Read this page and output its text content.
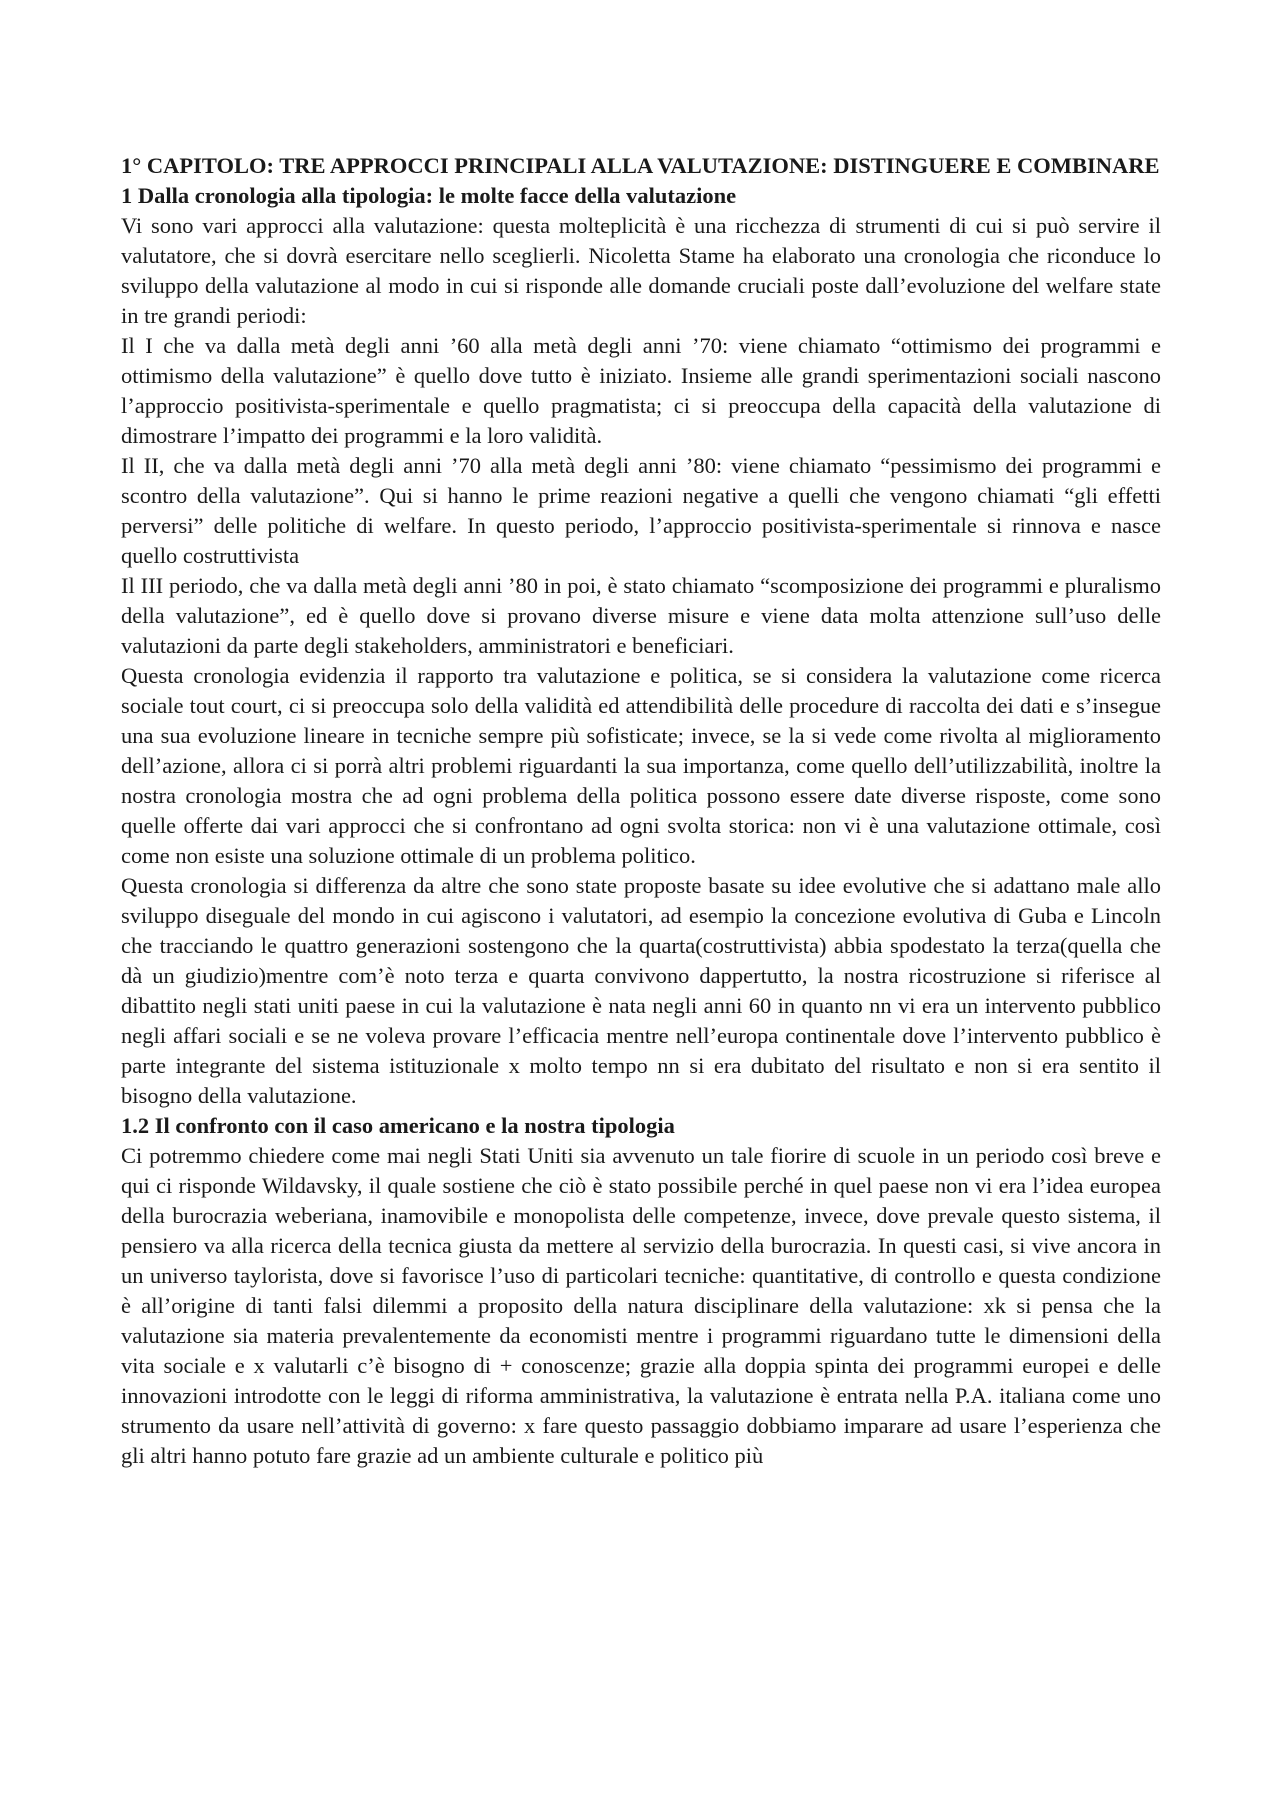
1° CAPITOLO: TRE APPROCCI PRINCIPALI ALLA VALUTAZIONE: DISTINGUERE E COMBINARE
1 Dalla cronologia alla tipologia: le molte facce della valutazione

Vi sono vari approcci alla valutazione: questa molteplicità è una ricchezza di strumenti di cui si può servire il valutatore, che si dovrà esercitare nello sceglierli. Nicoletta Stame ha elaborato una cronologia che riconduce lo sviluppo della valutazione al modo in cui si risponde alle domande cruciali poste dall’evoluzione del welfare state in tre grandi periodi:

Il I che va dalla metà degli anni ’60 alla metà degli anni ’70: viene chiamato “ottimismo dei programmi e ottimismo della valutazione” è quello dove tutto è iniziato. Insieme alle grandi sperimentazioni sociali nascono l’approccio positivista-sperimentale e quello pragmatista; ci si preoccupa della capacità della valutazione di dimostrare l’impatto dei programmi e la loro validità.

Il II, che va dalla metà degli anni ’70 alla metà degli anni ’80: viene chiamato “pessimismo dei programmi e scontro della valutazione”. Qui si hanno le prime reazioni negative a quelli che vengono chiamati “gli effetti perversi” delle politiche di welfare. In questo periodo, l’approccio positivista-sperimentale si rinnova e nasce quello costruttivista

Il III periodo, che va dalla metà degli anni ’80 in poi, è stato chiamato “scomposizione dei programmi e pluralismo della valutazione”, ed è quello dove si provano diverse misure e viene data molta attenzione sull’uso delle valutazioni da parte degli stakeholders, amministratori e beneficiari.

Questa cronologia evidenzia il rapporto tra valutazione e politica, se si considera la valutazione come ricerca sociale tout court, ci si preoccupa solo della validità ed attendibilità delle procedure di raccolta dei dati e s’insegue una sua evoluzione lineare in tecniche sempre più sofisticate; invece, se la si vede come rivolta al miglioramento dell’azione, allora ci si porrà altri problemi riguardanti la sua importanza, come quello dell’utilizzabilità, inoltre la nostra cronologia mostra che ad ogni problema della politica possono essere date diverse risposte, come sono quelle offerte dai vari approcci che si confrontano ad ogni svolta storica: non vi è una valutazione ottimale, così come non esiste una soluzione ottimale di un problema politico.

Questa cronologia si differenza da altre che sono state proposte basate su idee evolutive che si adattano male allo sviluppo diseguale del mondo in cui agiscono i valutatori, ad esempio la concezione evolutiva di Guba e Lincoln che tracciando le quattro generazioni sostengono che la quarta(costruttivista) abbia spodestato la terza(quella che dà un giudizio)mentre com’è noto terza e quarta convivono dappertutto, la nostra ricostruzione si riferisce al dibattito negli stati uniti paese in cui la valutazione è nata negli anni 60 in quanto nn vi era un intervento pubblico negli affari sociali e se ne voleva provare l’efficacia mentre nell’europa continentale dove l’intervento pubblico è parte integrante del sistema istituzionale x molto tempo nn si era dubitato del risultato e non si era sentito il bisogno della valutazione.

1.2 Il confronto con il caso americano e la nostra tipologia

Ci potremmo chiedere come mai negli Stati Uniti sia avvenuto un tale fiorire di scuole in un periodo così breve e qui ci risponde Wildavsky, il quale sostiene che ciò è stato possibile perché in quel paese non vi era l’idea europea della burocrazia weberiana, inamovibile e monopolista delle competenze, invece, dove prevale questo sistema, il pensiero va alla ricerca della tecnica giusta da mettere al servizio della burocrazia. In questi casi, si vive ancora in un universo taylorista, dove si favorisce l’uso di particolari tecniche: quantitative, di controllo e questa condizione è all’origine di tanti falsi dilemmi a proposito della natura disciplinare della valutazione: xk si pensa che la valutazione sia materia prevalentemente da economisti mentre i programmi riguardano tutte le dimensioni della vita sociale e x valutarli c’è bisogno di + conoscenze; grazie alla doppia spinta dei programmi europei e delle innovazioni introdotte con le leggi di riforma amministrativa, la valutazione è entrata nella P.A. italiana come uno strumento da usare nell’attività di governo: x fare questo passaggio dobbiamo imparare ad usare l’esperienza che gli altri hanno potuto fare grazie ad un ambiente culturale e politico più
